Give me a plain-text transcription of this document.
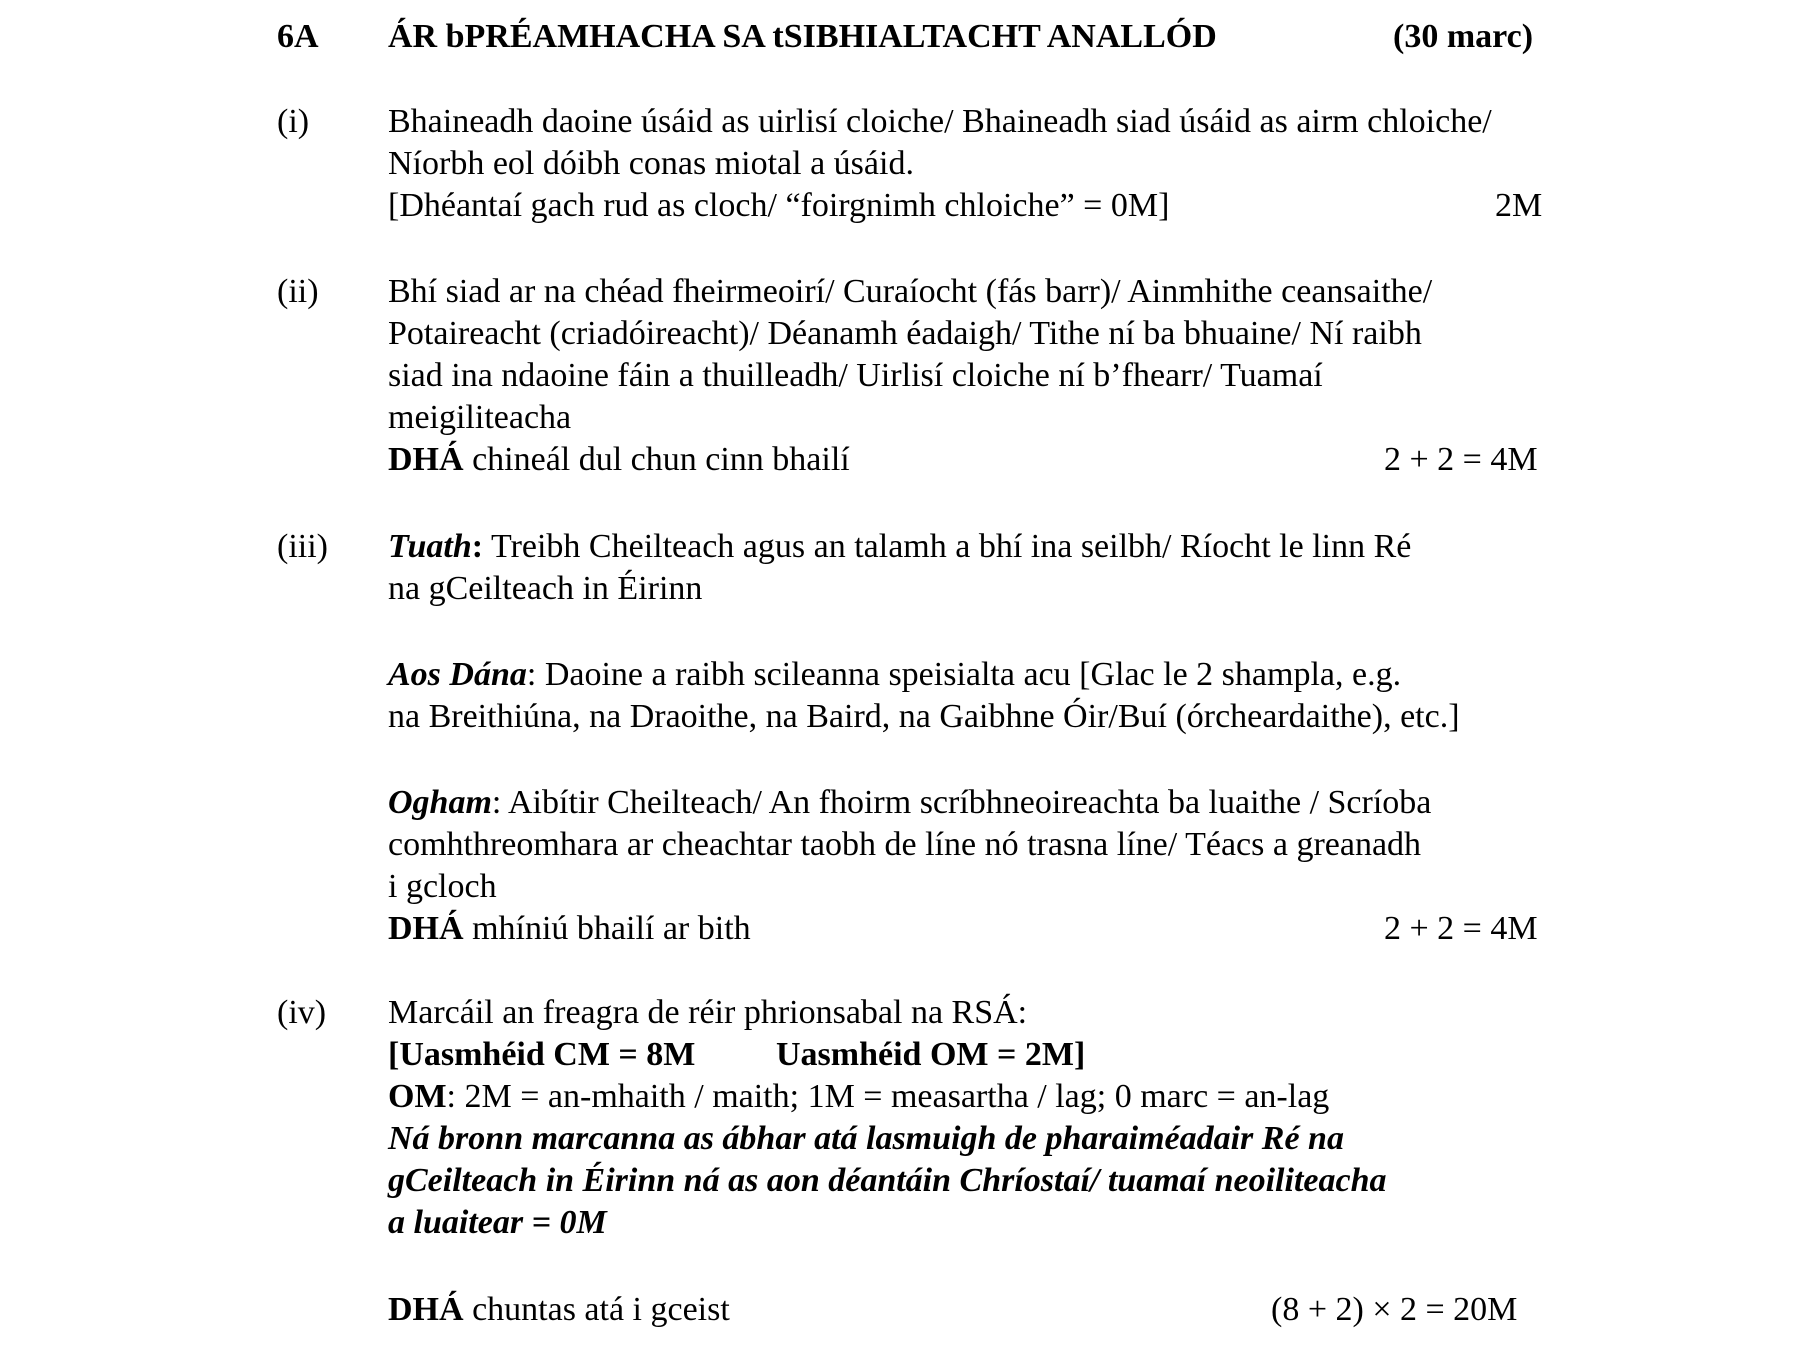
6A ÁR bPRÉAMHACHA SA tSIBHIALTACHT ANALLÓD	(30 marc)
(i) Bhaineadh daoine úsáid as uirlisí cloiche/ Bhaineadh siad úsáid as airm chloiche/
Níorbh eol dóibh conas miotal a úsáid.
[Dhéantaí gach rud as cloch/ “foirgnimh chloiche” = 0M]	2M
(ii) Bhí siad ar na chéad fheirmeoirí/ Curaíocht (fás barr)/ Ainmhithe ceansaithe/
Potaireacht (criadóireacht)/ Déanamh éadaigh/ Tithe ní ba bhuaine/ Ní raibh
siad ina ndaoine fáin a thuilleadh/ Uirlisí cloiche ní b’fhearr/ Tuamaí
meigiliteacha
DHÁ chineál dul chun cinn bhailí	2 + 2 = 4M
(iii) Tuath: Treibh Cheilteach agus an talamh a bhí ina seilbh/ Ríocht le linn Ré
na gCeilteach in Éirinn
Aos Dána: Daoine a raibh scileanna speisialta acu [Glac le 2 shampla, e.g.
na Breithiúna, na Draoithe, na Baird, na Gaibhne Óir/Buí (órcheardaithe), etc.]
Ogham: Aibítir Cheilteach/ An fhoirm scríbhneoireachta ba luaithe / Scríoba
comhthreomhara ar cheachtar taobh de líne nó trasna líne/ Téacs a greanadh
i gcloch
DHÁ mhíniú bhailí ar bith	2 + 2 = 4M
(iv) Marcáil an freagra de réir phrionsabal na RSÁ:
[Uasmhéid CM = 8M Uasmhéid OM = 2M]
OM: 2M = an-mhaith / maith; 1M = measartha / lag; 0 marc = an-lag
Ná bronn marcanna as ábhar atá lasmuigh de pharaiméadair Ré na
gCeilteach in Éirinn ná as aon déantáin Chríostaí/ tuamaí neoiliteacha
a luaitear = 0M
DHÁ chuntas atá i gceist	(8 + 2) × 2 = 20M
